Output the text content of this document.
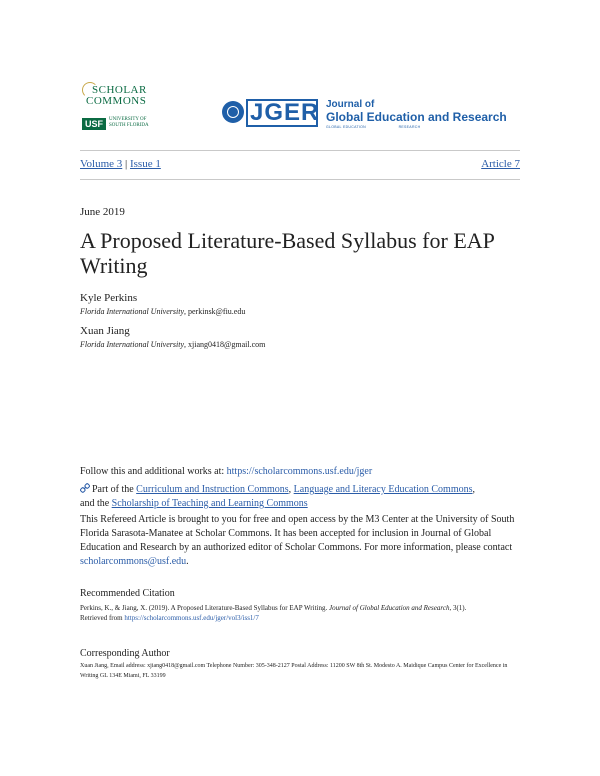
SCHOLAR
COMMONS
USF	UNIVERSITY OF SOUTH FLORIDA	JGER Journal of
Global Education and Research
GLOBAL EDUCATION	RESEARCH
Volume 3 | Issue 1	Article 7
June 2019
A Proposed Literature-Based Syllabus for EAP Writing
Kyle Perkins
Florida International University, perkinsk@fiu.edu
Xuan Jiang
Florida International University, xjiang0418@gmail.com
Follow this and additional works at: https://scholarcommons.usf.edu/jger
Part of the Curriculum and Instruction Commons, Language and Literacy Education Commons,
and the Scholarship of Teaching and Learning Commons
This Refereed Article is brought to you for free and open access by the M3 Center at the University of South Florida Sarasota-Manatee at Scholar Commons. It has been accepted for inclusion in Journal of Global Education and Research by an authorized editor of Scholar Commons. For more information, please contact scholarcommons@usf.edu.
Recommended Citation
Perkins, K., & Jiang, X. (2019). A Proposed Literature-Based Syllabus for EAP Writing. Journal of Global Education and Research, 3(1).
Retrieved from https://scholarcommons.usf.edu/jger/vol3/iss1/7
Corresponding Author
Xuan Jiang, Email address: xjiang0418@gmail.com Telephone Number: 305-348-2127 Postal Address: 11200 SW 8th St. Modesto A. Maidique Campus Center for Excellence in Writing GL 134E Miami, FL 33199
